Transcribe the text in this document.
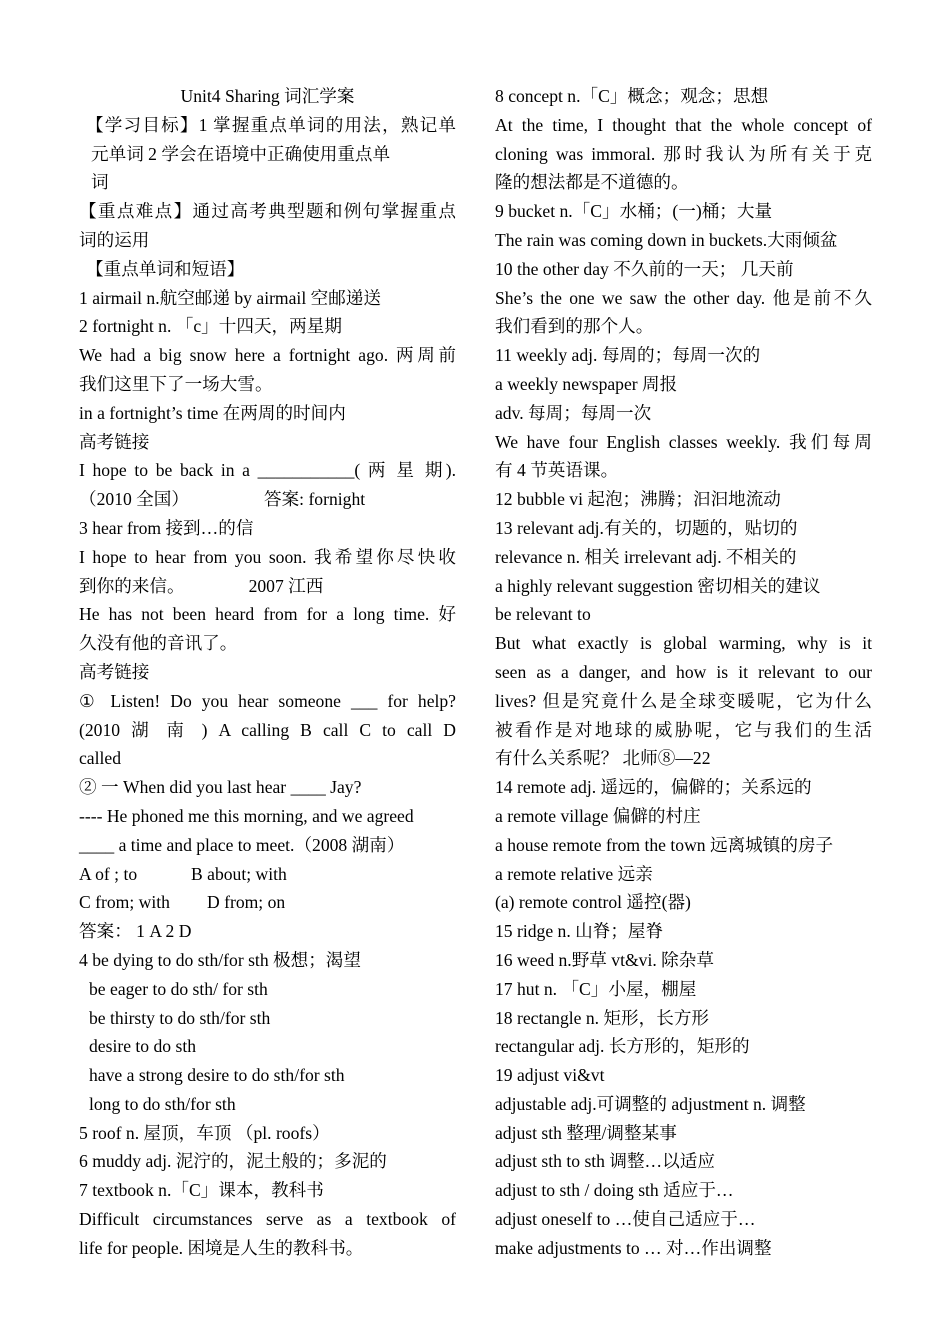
Unit4 Sharing 词汇学案
【学习目标】1 掌握重点单词的用法，熟记单
元单词 2 学会在语境中正确使用重点单
词
【重点难点】通过高考典型题和例句掌握重点
词的运用
【重点单词和短语】
1 airmail n.航空邮递 by airmail 空邮递送
2 fortnight n. 「c」十四天，两星期
We had a big snow here a fortnight ago. 两周前
我们这里下了一场大雪。
in a fortnight’s time 在两周的时间内
高考链接
I hope to be back in a ___________( 两 星 期).
（2010 全国）	答案: fornight
3 hear from 接到…的信
I hope to hear from you soon. 我希望你尽快收
到你的来信。	2007 江西
He has not been heard from for a long time. 好
久没有他的音讯了。
高考链接
① Listen! Do you hear someone ___ for help?
(2010 湖 南 ) A calling B call C to call D
called
② 一 When did you last hear ____ Jay?
---- He phoned me this morning, and we agreed
____ a time and place to meet.（2008 湖南）
A of ; to	B about; with
C from; with D from; on
答案： 1 A 2 D
4 be dying to do sth/for sth 极想；渴望
be eager to do sth/ for sth
be thirsty to do sth/for sth
desire to do sth
have a strong desire to do sth/for sth
long to do sth/for sth
5 roof n. 屋顶，车顶 （pl. roofs）
6 muddy adj. 泥泞的，泥土般的；多泥的
7 textbook n.「C」课本，教科书
Difficult circumstances serve as a textbook of
life for people. 困境是人生的教科书。
8 concept n.「C」概念；观念；思想
At the time, I thought that the whole concept of
cloning was immoral. 那时我认为所有关于克
隆的想法都是不道德的。
9 bucket n.「C」水桶；(一)桶；大量
The rain was coming down in buckets.大雨倾盆
10 the other day 不久前的一天； 几天前
She’s the one we saw the other day. 他是前不久
我们看到的那个人。
11 weekly adj. 每周的；每周一次的
a weekly newspaper 周报
adv. 每周；每周一次
We have four English classes weekly. 我们每周
有 4 节英语课。
12 bubble vi 起泡；沸腾；汩汩地流动
13 relevant adj.有关的，切题的，贴切的
relevance n. 相关 irrelevant adj. 不相关的
a highly relevant suggestion 密切相关的建议
be relevant to
But what exactly is global warming, why is it
seen as a danger, and how is it relevant to our
lives? 但是究竟什么是全球变暖呢，它为什么
被看作是对地球的威胁呢，它与我们的生活
有什么关系呢？ 北师⑧—22
14 remote adj. 遥远的，偏僻的；关系远的
a remote village 偏僻的村庄
a house remote from the town 远离城镇的房子
a remote relative 远亲
(a) remote control 遥控(器)
15 ridge n. 山脊；屋脊
16 weed n.野草 vt&vi. 除杂草
17 hut n. 「C」小屋，棚屋
18 rectangle n. 矩形，长方形
rectangular adj. 长方形的，矩形的
19 adjust vi&vt
adjustable adj.可调整的 adjustment n. 调整
adjust sth 整理/调整某事
adjust sth to sth 调整…以适应
adjust to sth / doing sth 适应于…
adjust oneself to …使自己适应于…
make adjustments to … 对…作出调整
